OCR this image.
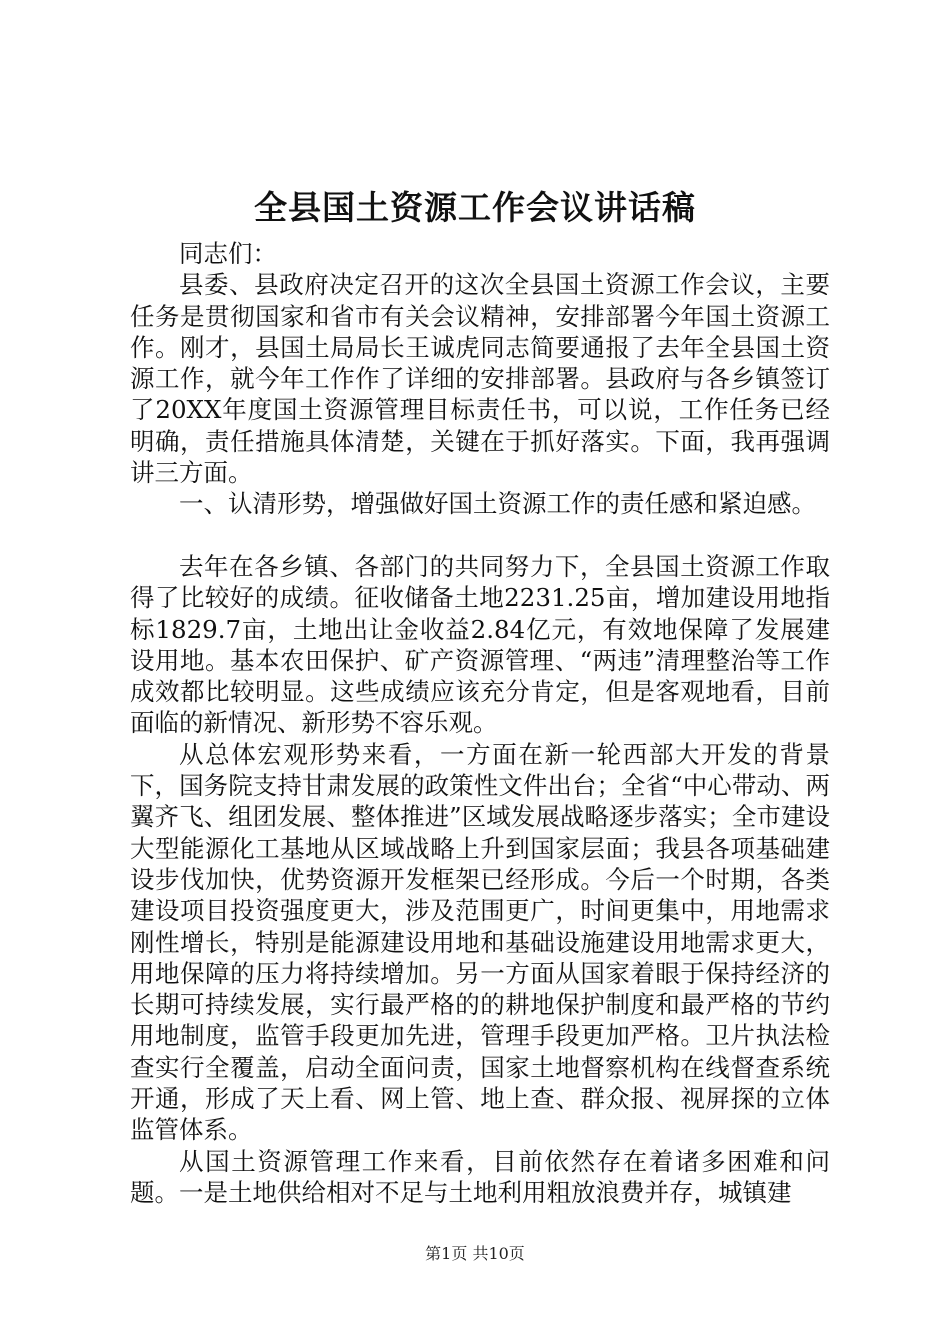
全县国土资源工作会议讲话稿

同志们：

县委、县政府决定召开的这次全县国土资源工作会议，主要任务是贯彻国家和省市有关会议精神，安排部署今年国土资源工作。刚才，县国土局局长王诚虎同志简要通报了去年全县国土资源工作，就今年工作作了详细的安排部署。县政府与各乡镇签订了20XX年度国土资源管理目标责任书，可以说，工作任务已经明确，责任措施具体清楚，关键在于抓好落实。下面，我再强调讲三方面。

一、认清形势，增强做好国土资源工作的责任感和紧迫感。

去年在各乡镇、各部门的共同努力下，全县国土资源工作取得了比较好的成绩。征收储备土地2231.25亩，增加建设用地指标1829.7亩，土地出让金收益2.84亿元，有效地保障了发展建设用地。基本农田保护、矿产资源管理、“两违”清理整治等工作成效都比较明显。这些成绩应该充分肯定，但是客观地看，目前面临的新情况、新形势不容乐观。

从总体宏观形势来看，一方面在新一轮西部大开发的背景下，国务院支持甘肃发展的政策性文件出台；全省“中心带动、两翼齐飞、组团发展、整体推进”区域发展战略逐步落实；全市建设大型能源化工基地从区域战略上升到国家层面；我县各项基础建设步伐加快，优势资源开发框架已经形成。今后一个时期，各类建设项目投资强度更大，涉及范围更广，时间更集中，用地需求刚性增长，特别是能源建设用地和基础设施建设用地需求更大，用地保障的压力将持续增加。另一方面从国家着眼于保持经济的长期可持续发展，实行最严格的的耕地保护制度和最严格的节约用地制度，监管手段更加先进，管理手段更加严格。卫片执法检查实行全覆盖，启动全面问责，国家土地督察机构在线督查系统开通，形成了天上看、网上管、地上查、群众报、视屏探的立体监管体系。

从国土资源管理工作来看，目前依然存在着诸多困难和问题。一是土地供给相对不足与土地利用粗放浪费并存，城镇建

第1页 共10页
